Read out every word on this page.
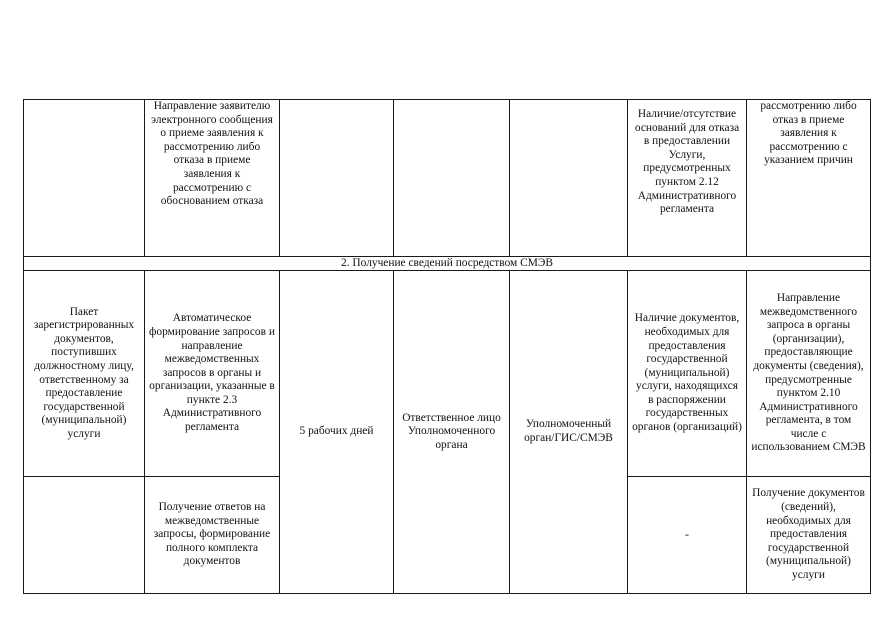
	Направление заявителю электронного сообщения о приеме заявления к рассмотрению либо отказа в приеме заявления к рассмотрению с обоснованием отказа				Наличие/отсутствие оснований для отказа в предоставлении Услуги, предусмотренных пунктом 2.12 Административного регламента	рассмотрению либо отказ в приеме заявления к рассмотрению с указанием причин

2. Получение сведений посредством СМЭВ						

Пакет зарегистрированных документов, поступивших должностному лицу, ответственному за предоставление государственной (муниципальной) услуги	Автоматическое формирование запросов и направление межведомственных запросов в органы и организации, указанные в пункте 2.3 Административного регламента	5 рабочих дней	Ответственное лицо Уполномоченного органа	Уполномоченный орган/ГИС/СМЭВ	Наличие документов, необходимых для предоставления государственной (муниципальной) услуги, находящихся в распоряжении государственных органов (организаций)	Направление межведомственного запроса в органы (организации), предоставляющие документы (сведения), предусмотренные пунктом 2.10 Административного регламента, в том числе с использованием СМЭВ

	Получение ответов на межведомственные запросы, формирование полного комплекта документов				-	Получение документов (сведений), необходимых для предоставления государственной (муниципальной) услуги
